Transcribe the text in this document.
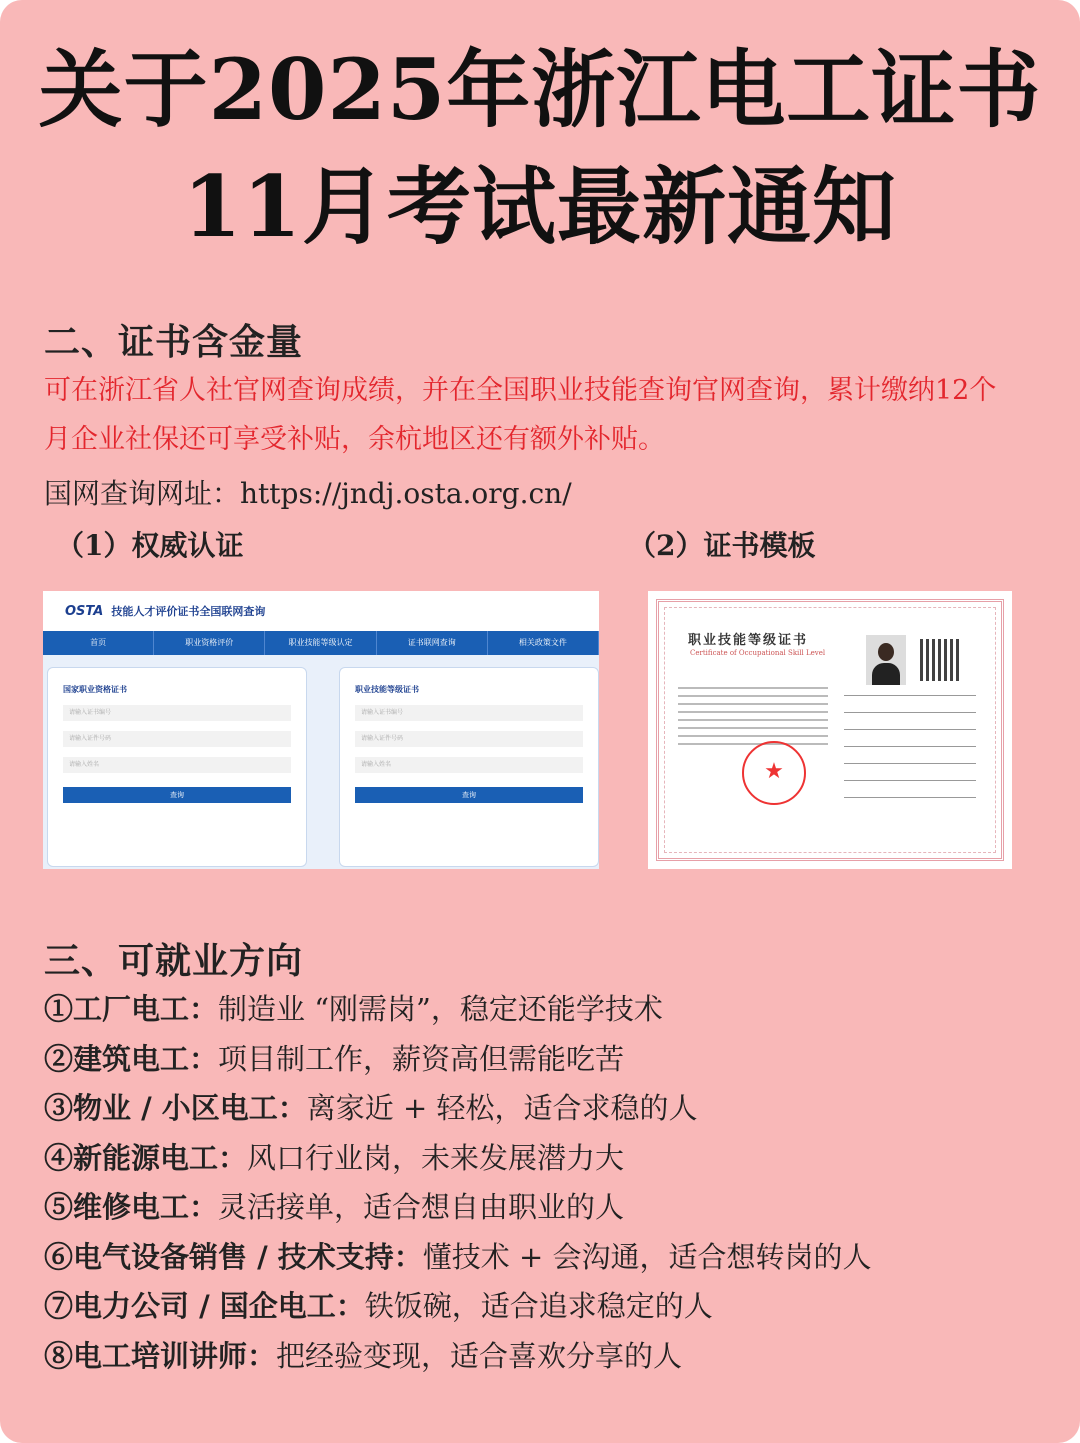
关于2025年浙江电工证书
11月考试最新通知
二、证书含金量
可在浙江省人社官网查询成绩，并在全国职业技能查询官网查询，累计缴纳12个
月企业社保还可享受补贴，余杭地区还有额外补贴。
国网查询网址：https://jndj.osta.org.cn/
（1）权威认证	（2）证书模板
OSTA 技能人才评价证书全国联网查询
首页	职业资格评价	职业技能等级认定	证书联网查询	相关政策文件
国家职业资格证书
请输入证书编号
请输入证件号码
请输入姓名
查询
职业技能等级证书
请输入证书编号
请输入证件号码
请输入姓名
查询
职业技能等级证书
Certificate of Occupational Skill Level
★
三、可就业方向
①工厂电工：制造业 “刚需岗”，稳定还能学技术
②建筑电工：项目制工作，薪资高但需能吃苦
③物业 / 小区电工：离家近 + 轻松，适合求稳的人
④新能源电工：风口行业岗，未来发展潜力大
⑤维修电工：灵活接单，适合想自由职业的人
⑥电气设备销售 / 技术支持：懂技术 + 会沟通，适合想转岗的人
⑦电力公司 / 国企电工：铁饭碗，适合追求稳定的人
⑧电工培训讲师：把经验变现，适合喜欢分享的人
